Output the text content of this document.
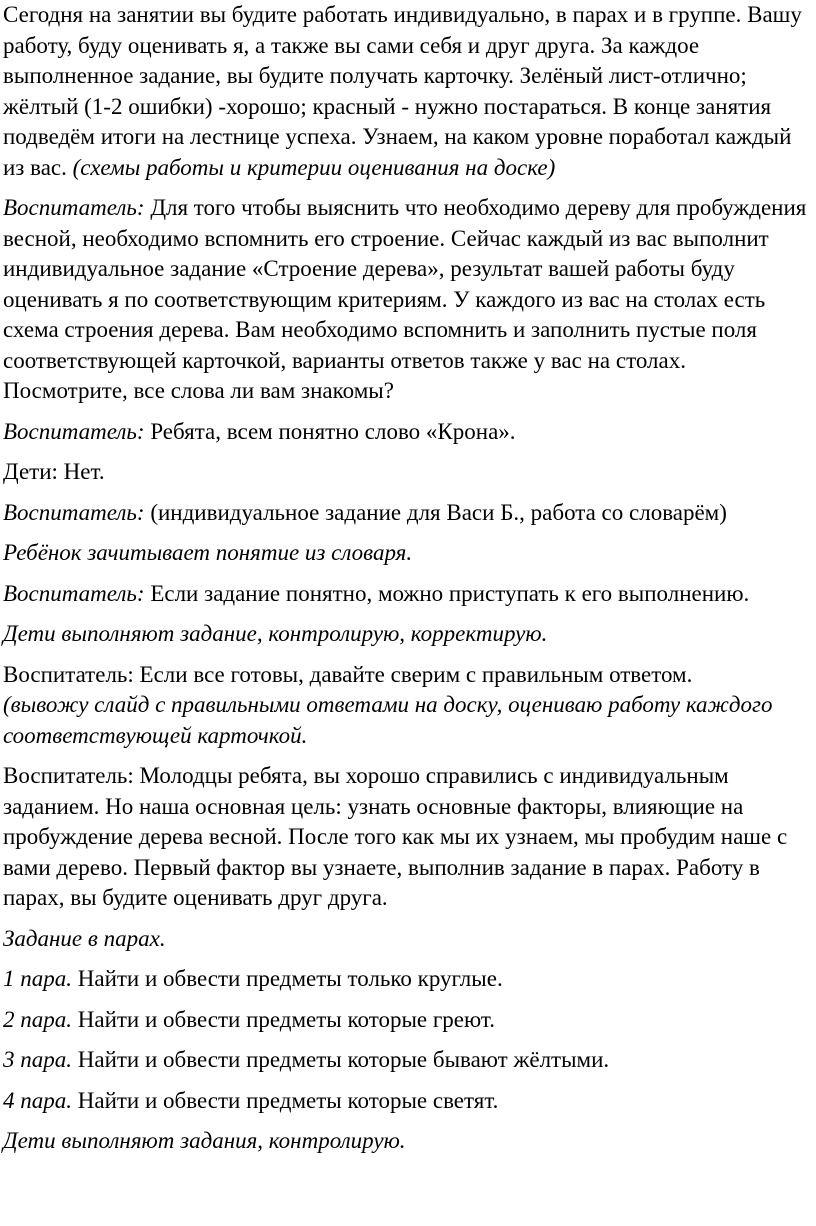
Сегодня на занятии вы будите работать индивидуально, в парах и в группе. Вашу работу, буду оценивать я, а также вы сами себя и друг друга. За каждое выполненное задание, вы будите получать карточку. Зелёный лист-отлично; жёлтый (1-2 ошибки) -хорошо; красный - нужно постараться. В конце занятия подведём итоги на лестнице успеха. Узнаем, на каком уровне поработал каждый из вас. (схемы работы и критерии оценивания на доске)

Воспитатель: Для того чтобы выяснить что необходимо дереву для пробуждения весной, необходимо вспомнить его строение. Сейчас каждый из вас выполнит индивидуальное задание «Строение дерева», результат вашей работы буду оценивать я по соответствующим критериям. У каждого из вас на столах есть схема строения дерева. Вам необходимо вспомнить и заполнить пустые поля соответствующей карточкой, варианты ответов также у вас на столах. Посмотрите, все слова ли вам знакомы?

Воспитатель: Ребята, всем понятно слово «Крона».

Дети: Нет.

Воспитатель: (индивидуальное задание для Васи Б., работа со словарём)

Ребёнок зачитывает понятие из словаря.

Воспитатель: Если задание понятно, можно приступать к его выполнению.

Дети выполняют задание, контролирую, корректирую.

Воспитатель: Если все готовы, давайте сверим с правильным ответом.
(вывожу слайд с правильными ответами на доску, оцениваю работу каждого соответствующей карточкой.

Воспитатель: Молодцы ребята, вы хорошо справились с индивидуальным заданием. Но наша основная цель: узнать основные факторы, влияющие на пробуждение дерева весной. После того как мы их узнаем, мы пробудим наше с вами дерево. Первый фактор вы узнаете, выполнив задание в парах. Работу в парах, вы будите оценивать друг друга.

Задание в парах.

1 пара. Найти и обвести предметы только круглые.

2 пара. Найти и обвести предметы которые греют.

3 пара. Найти и обвести предметы которые бывают жёлтыми.

4 пара. Найти и обвести предметы которые светят.

Дети выполняют задания, контролирую.
